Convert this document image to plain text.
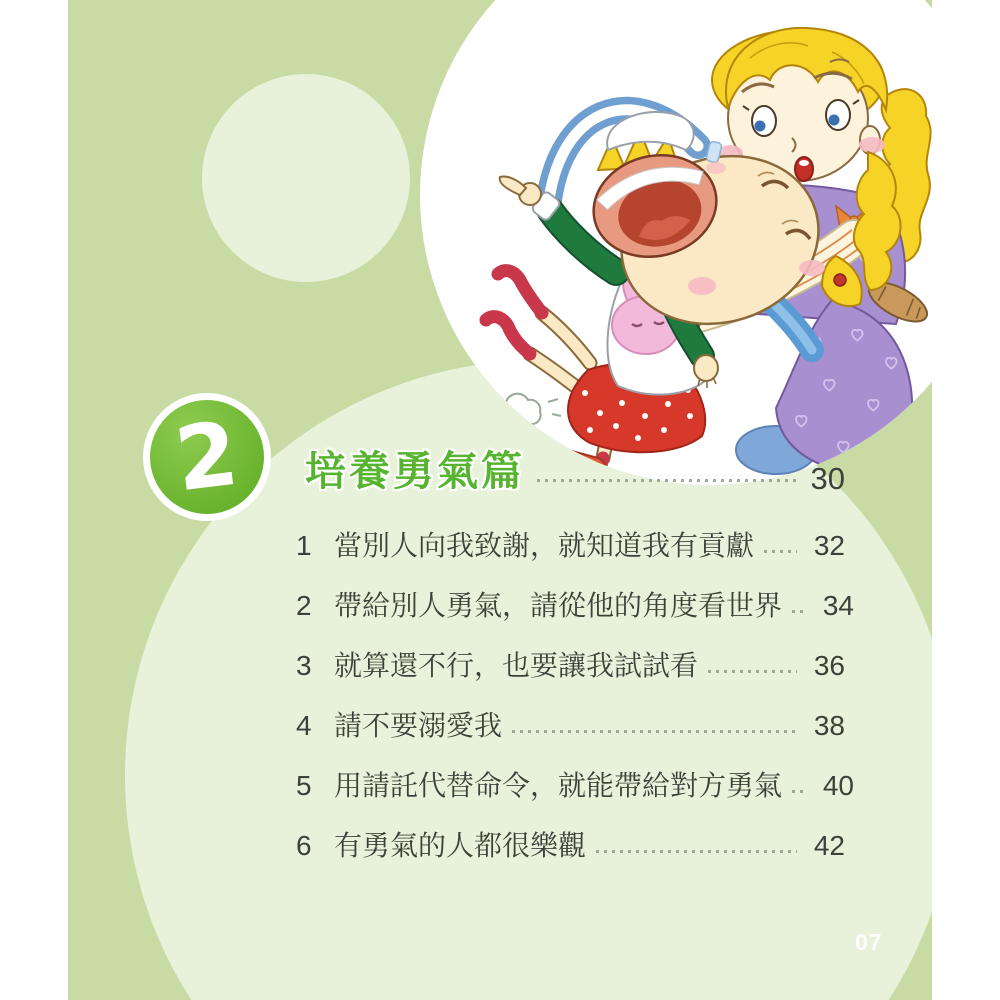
2 培養勇氣篇	30
1 當別人向我致謝，就知道我有貢獻	32
2 帶給別人勇氣，請從他的角度看世界	34
3 就算還不行，也要讓我試試看	36
4 請不要溺愛我	38
5 用請託代替命令，就能帶給對方勇氣	40
6 有勇氣的人都很樂觀	42
07
